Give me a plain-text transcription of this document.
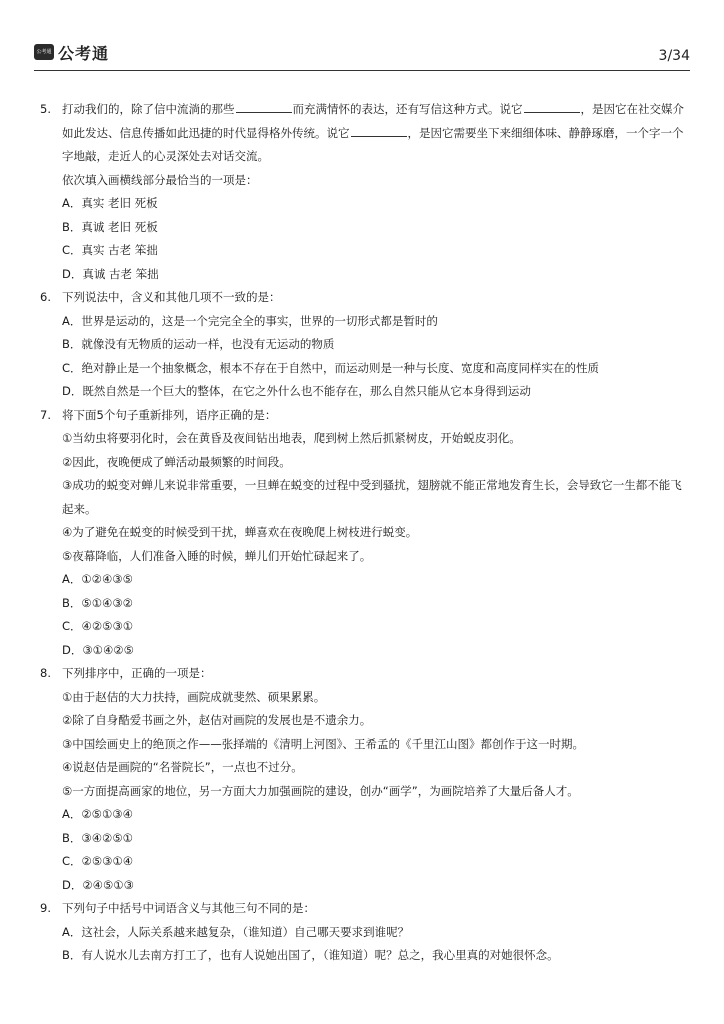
公考通 公考通	3/34
5. 打动我们的，除了信中流淌的那些	而充满情怀的表达，还有写信这种方式。说它	，是因它在社交媒介如此发达、信息传播如此迅捷的时代显得格外传统。说它	，是因它需要坐下来细细体味、静静琢磨，一个字一个字地敲，走近人的心灵深处去对话交流。

依次填入画横线部分最恰当的一项是：

A．真实 老旧 死板

B．真诚 老旧 死板

C．真实 古老 笨拙

D．真诚 古老 笨拙

6. 下列说法中，含义和其他几项不一致的是：

A．世界是运动的，这是一个完完全全的事实，世界的一切形式都是暂时的

B．就像没有无物质的运动一样，也没有无运动的物质

C．绝对静止是一个抽象概念，根本不存在于自然中，而运动则是一种与长度、宽度和高度同样实在的性质

D．既然自然是一个巨大的整体，在它之外什么也不能存在，那么自然只能从它本身得到运动

7. 将下面5个句子重新排列，语序正确的是：

①当幼虫将要羽化时，会在黄昏及夜间钻出地表，爬到树上然后抓紧树皮，开始蜕皮羽化。

②因此，夜晚便成了蝉活动最频繁的时间段。

③成功的蜕变对蝉儿来说非常重要，一旦蝉在蜕变的过程中受到骚扰，翅膀就不能正常地发育生长，会导致它一生都不能飞起来。

④为了避免在蜕变的时候受到干扰，蝉喜欢在夜晚爬上树枝进行蜕变。

⑤夜幕降临，人们准备入睡的时候，蝉儿们开始忙碌起来了。

A．①②④③⑤

B．⑤①④③②

C．④②⑤③①

D．③①④②⑤

8. 下列排序中，正确的一项是：

①由于赵佶的大力扶持，画院成就斐然、硕果累累。

②除了自身酷爱书画之外，赵佶对画院的发展也是不遗余力。

③中国绘画史上的绝顶之作——张择端的《清明上河图》、王希孟的《千里江山图》都创作于这一时期。

④说赵佶是画院的“名誉院长”，一点也不过分。

⑤一方面提高画家的地位，另一方面大力加强画院的建设，创办“画学”，为画院培养了大量后备人才。

A．②⑤①③④

B．③④②⑤①

C．②⑤③①④

D．②④⑤①③

9. 下列句子中括号中词语含义与其他三句不同的是：

A．这社会，人际关系越来越复杂，（谁知道）自己哪天要求到谁呢？

B．有人说水儿去南方打工了，也有人说她出国了，（谁知道）呢？总之，我心里真的对她很怀念。
